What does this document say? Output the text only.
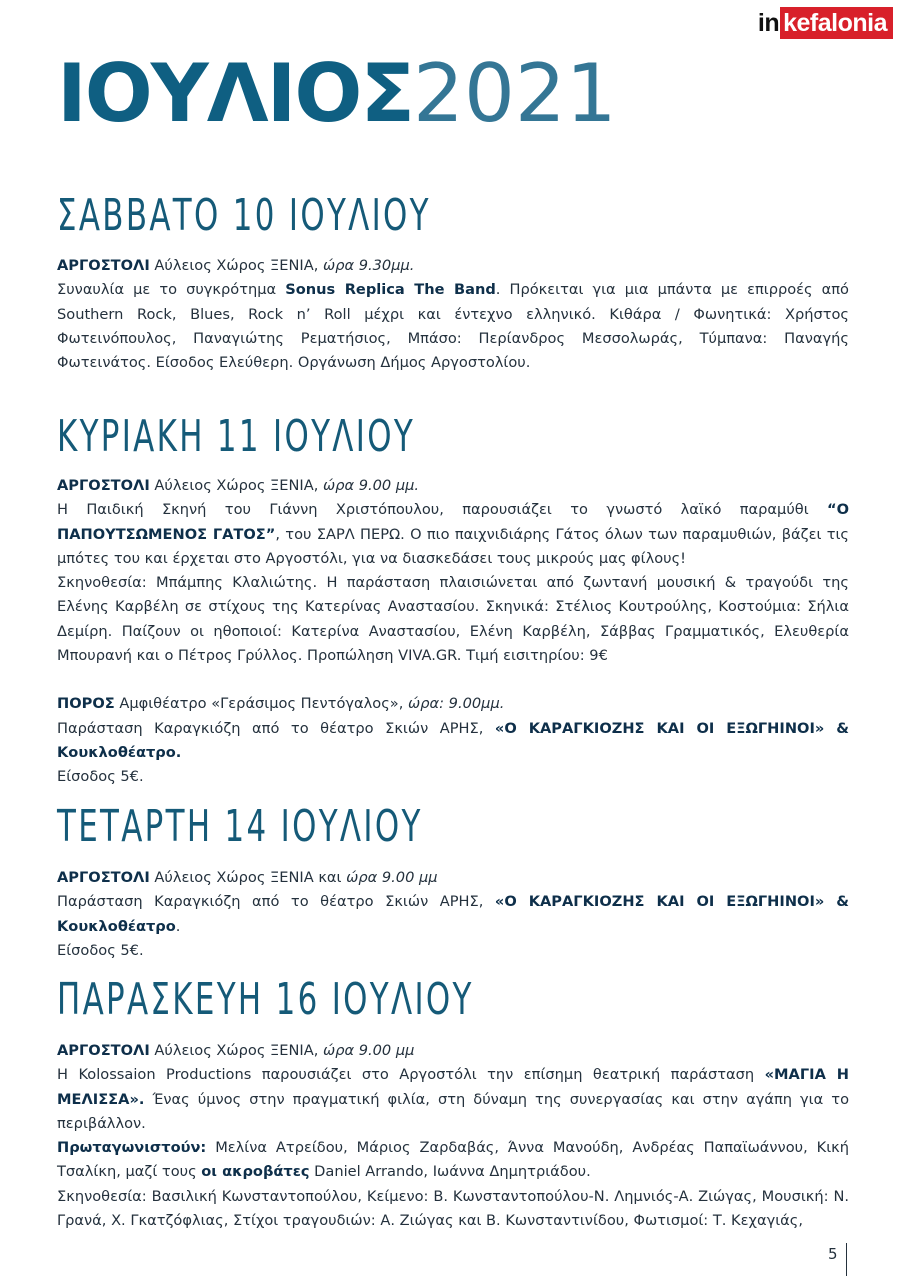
in kefalonia
ΙΟΥΛΙΟΣ2021
ΣΑΒΒΑΤΟ 10 ΙΟΥΛΙΟΥ

ΑΡΓΟΣΤΟΛΙ Αύλειος Χώρος ΞΕΝΙΑ, ώρα 9.30μμ.

Συναυλία με το συγκρότημα Sonus Replica The Band. Πρόκειται για μια μπάντα με επιρροές από Southern Rock, Blues, Rock n’ Roll μέχρι και έντεχνο ελληνικό. Κιθάρα / Φωνητικά: Χρήστος Φωτεινόπουλος, Παναγιώτης Ρεματήσιος, Μπάσο: Περίανδρος Μεσσολωράς, Τύμπανα: Παναγής Φωτεινάτος. Είσοδος Ελεύθερη. Οργάνωση Δήμος Αργοστολίου.

ΚΥΡΙΑΚΗ 11 ΙΟΥΛΙΟΥ

ΑΡΓΟΣΤΟΛΙ Αύλειος Χώρος ΞΕΝΙΑ, ώρα 9.00 μμ.

Η Παιδική Σκηνή του Γιάννη Χριστόπουλου, παρουσιάζει το γνωστό λαϊκό παραμύθι “Ο ΠΑΠΟΥΤΣΩΜΕΝΟΣ ΓΑΤΟΣ”, του ΣΑΡΛ ΠΕΡΩ. Ο πιο παιχνιδιάρης Γάτος όλων των παραμυθιών, βάζει τις μπότες του και έρχεται στο Αργοστόλι, για να διασκεδάσει τους μικρούς μας φίλους!

Σκηνοθεσία: Μπάμπης Κλαλιώτης. Η παράσταση πλαισιώνεται από ζωντανή μουσική & τραγούδι της Ελένης Καρβέλη σε στίχους της Κατερίνας Αναστασίου. Σκηνικά: Στέλιος Κουτρούλης, Κοστούμια: Σήλια Δεμίρη. Παίζουν οι ηθοποιοί: Κατερίνα Αναστασίου, Ελένη Καρβέλη, Σάββας Γραμματικός, Ελευθερία Μπουρανή και ο Πέτρος Γρύλλος. Προπώληση VIVA.GR. Τιμή εισιτηρίου: 9€

ΠΟΡΟΣ Αμφιθέατρο «Γεράσιμος Πεντόγαλος», ώρα: 9.00μμ.

Παράσταση Καραγκιόζη από το θέατρο Σκιών ΑΡΗΣ, «Ο ΚΑΡΑΓΚΙΟΖΗΣ ΚΑΙ ΟΙ ΕΞΩΓΗΙΝΟΙ» & Κουκλοθέατρο.

Είσοδος 5€.

ΤΕΤΑΡΤΗ 14 ΙΟΥΛΙΟΥ

ΑΡΓΟΣΤΟΛΙ Αύλειος Χώρος ΞΕΝΙΑ και ώρα 9.00 μμ

Παράσταση Καραγκιόζη από το θέατρο Σκιών ΑΡΗΣ, «Ο ΚΑΡΑΓΚΙΟΖΗΣ ΚΑΙ ΟΙ ΕΞΩΓΗΙΝΟΙ» & Κουκλοθέατρο.

Είσοδος 5€.

ΠΑΡΑΣΚΕΥΗ 16 ΙΟΥΛΙΟΥ

ΑΡΓΟΣΤΟΛΙ Αύλειος Χώρος ΞΕΝΙΑ, ώρα 9.00 μμ

Η Kolossaion Productions παρουσιάζει στο Αργοστόλι την επίσημη θεατρική παράσταση «ΜΑΓΙΑ Η ΜΕΛΙΣΣΑ». Ένας ύμνος στην πραγματική φιλία, στη δύναμη της συνεργασίας και στην αγάπη για το περιβάλλον.

Πρωταγωνιστούν: Μελίνα Ατρείδου, Μάριος Ζαρδαβάς, Άννα Μανούδη, Ανδρέας Παπαϊωάννου, Κική Τσαλίκη, μαζί τους οι ακροβάτες Daniel Arrando, Ιωάννα Δημητριάδου.

Σκηνοθεσία: Βασιλική Κωνσταντοπούλου, Κείμενο: Β. Κωνσταντοπούλου-Ν. Λημνιός-Α. Ζιώγας, Μουσική: Ν. Γρανά, Χ. Γκατζόφλιας, Στίχοι τραγουδιών: Α. Ζιώγας και Β. Κωνσταντινίδου, Φωτισμοί: Τ. Κεχαγιάς,

5
